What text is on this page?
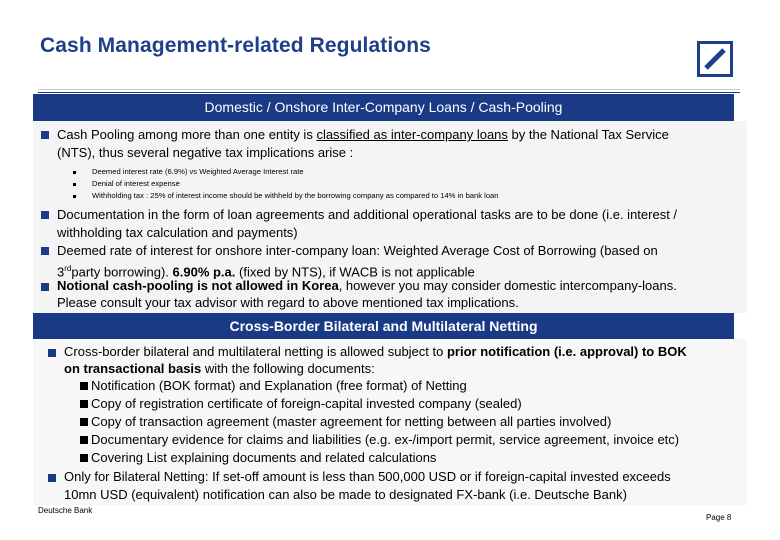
Cash Management-related Regulations
Domestic / Onshore Inter-Company Loans / Cash-Pooling
Cash Pooling among more than one entity is classified as inter-company loans by the National Tax Service
(NTS), thus several negative tax implications arise :
Deemed interest rate (6.9%) vs Weighted Average Interest rate
Denial of interest expense
Withholding tax : 25% of interest income should be withheld by the borrowing company as compared to 14% in bank loan
Documentation in the form of loan agreements and additional operational tasks are to be done (i.e. interest /
withholding tax calculation and payments)
Deemed rate of interest for onshore inter-company loan: Weighted Average Cost of Borrowing (based on
3rdparty borrowing). 6.90% p.a. (fixed by NTS), if WACB is not applicable
Notional cash-pooling is not allowed in Korea, however you may consider domestic intercompany-loans.
Please consult your tax advisor with regard to above mentioned tax implications.
Cross-Border Bilateral and Multilateral Netting
Cross-border bilateral and multilateral netting is allowed subject to prior notification (i.e. approval) to BOK
on transactional basis with the following documents:
Notification (BOK format) and Explanation (free format) of Netting
Copy of registration certificate of foreign-capital invested company (sealed)
Copy of transaction agreement (master agreement for netting between all parties involved)
Documentary evidence for claims and liabilities (e.g. ex-/import permit, service agreement, invoice etc)
Covering List explaining documents and related calculations
Only for Bilateral Netting: If set-off amount is less than 500,000 USD or if foreign-capital invested exceeds
10mn USD (equivalent) notification can also be made to designated FX-bank (i.e. Deutsche Bank)
Deutsche Bank
Page 8
